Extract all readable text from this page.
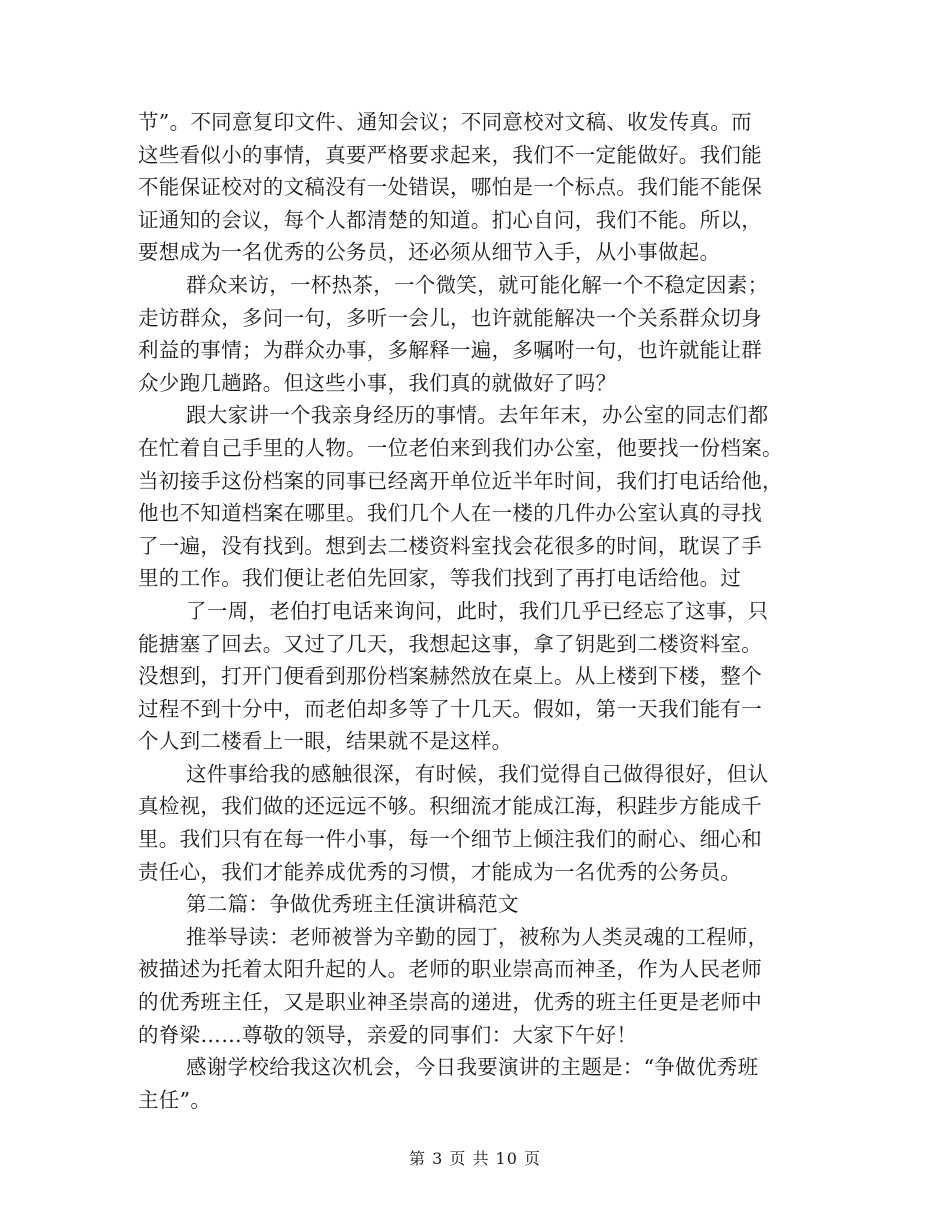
节”。不同意复印文件、通知会议；不同意校对文稿、收发传真。而
这些看似小的事情，真要严格要求起来，我们不一定能做好。我们能
不能保证校对的文稿没有一处错误，哪怕是一个标点。我们能不能保
证通知的会议，每个人都清楚的知道。扪心自问，我们不能。所以，
要想成为一名优秀的公务员，还必须从细节入手，从小事做起。
群众来访，一杯热茶，一个微笑，就可能化解一个不稳定因素；
走访群众，多问一句，多听一会儿，也许就能解决一个关系群众切身
利益的事情；为群众办事，多解释一遍，多嘱咐一句，也许就能让群
众少跑几趟路。但这些小事，我们真的就做好了吗？
跟大家讲一个我亲身经历的事情。去年年末，办公室的同志们都
在忙着自己手里的人物。一位老伯来到我们办公室，他要找一份档案。
当初接手这份档案的同事已经离开单位近半年时间，我们打电话给他，
他也不知道档案在哪里。我们几个人在一楼的几件办公室认真的寻找
了一遍，没有找到。想到去二楼资料室找会花很多的时间，耽误了手
里的工作。我们便让老伯先回家，等我们找到了再打电话给他。过
了一周，老伯打电话来询问，此时，我们几乎已经忘了这事，只
能搪塞了回去。又过了几天，我想起这事，拿了钥匙到二楼资料室。
没想到，打开门便看到那份档案赫然放在桌上。从上楼到下楼，整个
过程不到十分中，而老伯却多等了十几天。假如，第一天我们能有一
个人到二楼看上一眼，结果就不是这样。
这件事给我的感触很深，有时候，我们觉得自己做得很好，但认
真检视，我们做的还远远不够。积细流才能成江海，积跬步方能成千
里。我们只有在每一件小事，每一个细节上倾注我们的耐心、细心和
责任心，我们才能养成优秀的习惯，才能成为一名优秀的公务员。
第二篇：争做优秀班主任演讲稿范文
推举导读：老师被誉为辛勤的园丁，被称为人类灵魂的工程师，
被描述为托着太阳升起的人。老师的职业崇高而神圣，作为人民老师
的优秀班主任，又是职业神圣崇高的递进，优秀的班主任更是老师中
的脊梁……尊敬的领导，亲爱的同事们：大家下午好！
感谢学校给我这次机会，今日我要演讲的主题是：“争做优秀班
主任”。
第 3 页 共 10 页
